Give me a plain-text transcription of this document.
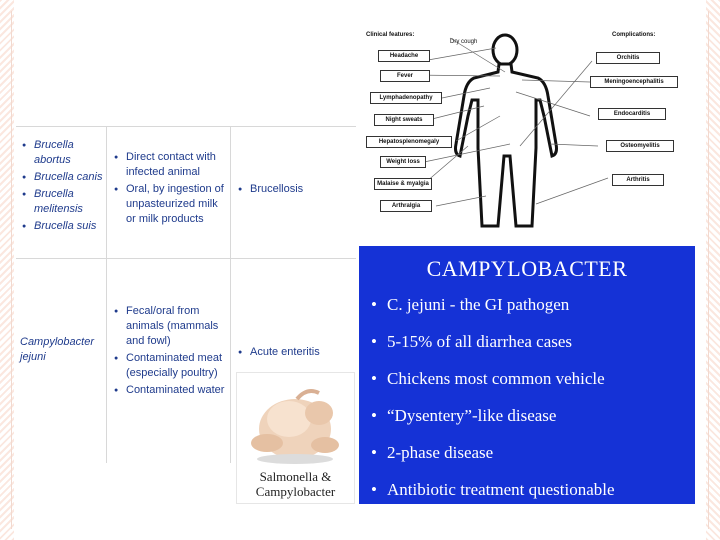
● Brucella abortus
● Brucella canis
● Brucella melitensis
● Brucella suis
● Direct contact with infected animal
● Oral, by ingestion of unpasteurized milk or milk products
● Brucellosis
Campylobacter jejuni
● Fecal/oral from animals (mammals and fowl)
● Contaminated meat (especially poultry)
● Contaminated water
● Acute enteritis
Salmonella & Campylobacter
Clinical features:	Complications:
Dry cough
Headache
Fever
Lymphadenopathy
Night sweats
Hepatosplenomegaly
Weight loss
Malaise & myalgia
Arthralgia
Orchitis
Meningoencephalitis
Endocarditis
Osteomyelitis
Arthritis
CAMPYLOBACTER
• C. jejuni - the GI pathogen
• 5-15% of all diarrhea cases
• Chickens most common vehicle
• “Dysentery”-like disease
• 2-phase disease
• Antibiotic treatment questionable
